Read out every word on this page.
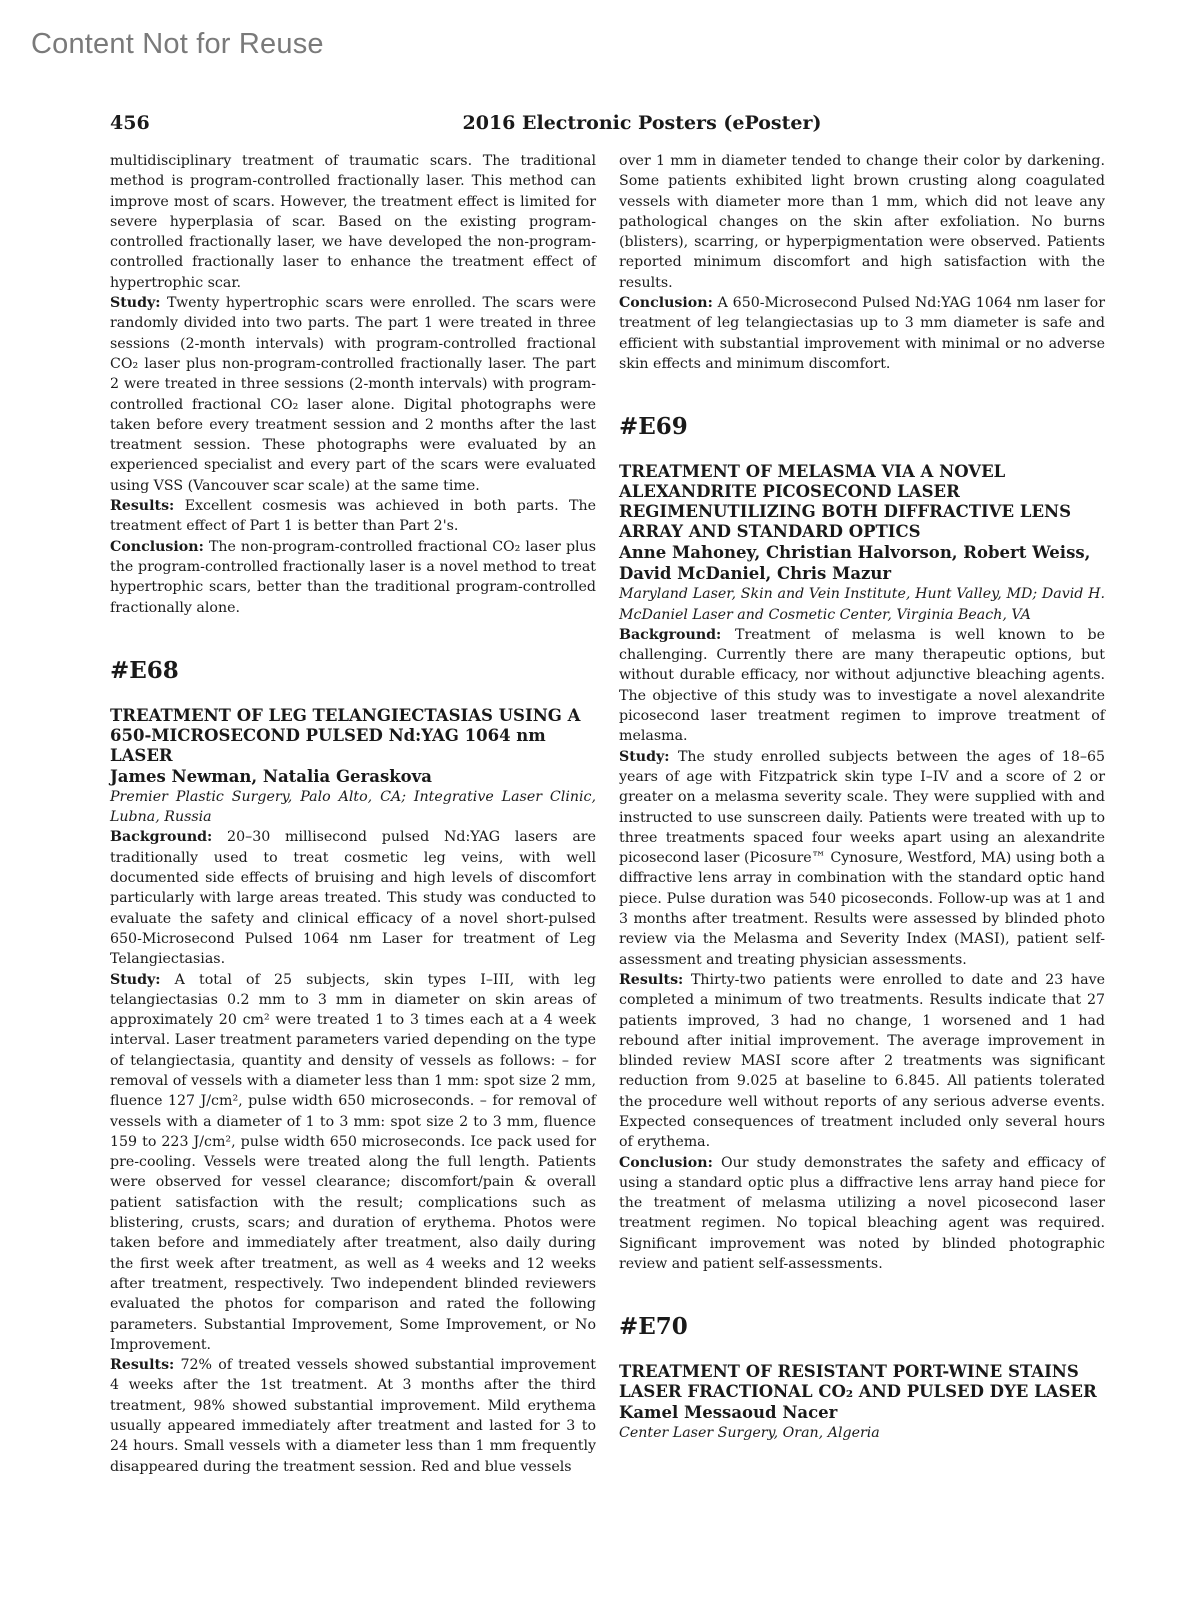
Content Not for Reuse
456	2016 Electronic Posters (ePoster)

multidisciplinary treatment of traumatic scars. The traditional method is program-controlled fractionally laser. This method can improve most of scars. However, the treatment effect is limited for severe hyperplasia of scar. Based on the existing program-controlled fractionally laser, we have developed the non-program-controlled fractionally laser to enhance the treatment effect of hypertrophic scar.

Study: Twenty hypertrophic scars were enrolled. The scars were randomly divided into two parts. The part 1 were treated in three sessions (2-month intervals) with program-controlled fractional CO₂ laser plus non-program-controlled fractionally laser. The part 2 were treated in three sessions (2-month intervals) with program-controlled fractional CO₂ laser alone. Digital photographs were taken before every treatment session and 2 months after the last treatment session. These photographs were evaluated by an experienced specialist and every part of the scars were evaluated using VSS (Vancouver scar scale) at the same time.

Results: Excellent cosmesis was achieved in both parts. The treatment effect of Part 1 is better than Part 2's.

Conclusion: The non-program-controlled fractional CO₂ laser plus the program-controlled fractionally laser is a novel method to treat hypertrophic scars, better than the traditional program-controlled fractionally alone.

#E68
TREATMENT OF LEG TELANGIECTASIAS USING A 650-MICROSECOND PULSED Nd:YAG 1064 nm LASER
James Newman, Natalia Geraskova

Premier Plastic Surgery, Palo Alto, CA; Integrative Laser Clinic, Lubna, Russia

Background: 20–30 millisecond pulsed Nd:YAG lasers are traditionally used to treat cosmetic leg veins, with well documented side effects of bruising and high levels of discomfort particularly with large areas treated. This study was conducted to evaluate the safety and clinical efficacy of a novel short-pulsed 650-Microsecond Pulsed 1064 nm Laser for treatment of Leg Telangiectasias.

Study: A total of 25 subjects, skin types I–III, with leg telangiectasias 0.2 mm to 3 mm in diameter on skin areas of approximately 20 cm² were treated 1 to 3 times each at a 4 week interval. Laser treatment parameters varied depending on the type of telangiectasia, quantity and density of vessels as follows: – for removal of vessels with a diameter less than 1 mm: spot size 2 mm, fluence 127 J/cm², pulse width 650 microseconds. – for removal of vessels with a diameter of 1 to 3 mm: spot size 2 to 3 mm, fluence 159 to 223 J/cm², pulse width 650 microseconds. Ice pack used for pre-cooling. Vessels were treated along the full length. Patients were observed for vessel clearance; discomfort/pain & overall patient satisfaction with the result; complications such as blistering, crusts, scars; and duration of erythema. Photos were taken before and immediately after treatment, also daily during the first week after treatment, as well as 4 weeks and 12 weeks after treatment, respectively. Two independent blinded reviewers evaluated the photos for comparison and rated the following parameters. Substantial Improvement, Some Improvement, or No Improvement.

Results: 72% of treated vessels showed substantial improvement 4 weeks after the 1st treatment. At 3 months after the third treatment, 98% showed substantial improvement. Mild erythema usually appeared immediately after treatment and lasted for 3 to 24 hours. Small vessels with a diameter less than 1 mm frequently disappeared during the treatment session. Red and blue vessels

over 1 mm in diameter tended to change their color by darkening. Some patients exhibited light brown crusting along coagulated vessels with diameter more than 1 mm, which did not leave any pathological changes on the skin after exfoliation. No burns (blisters), scarring, or hyperpigmentation were observed. Patients reported minimum discomfort and high satisfaction with the results.

Conclusion: A 650-Microsecond Pulsed Nd:YAG 1064 nm laser for treatment of leg telangiectasias up to 3 mm diameter is safe and efficient with substantial improvement with minimal or no adverse skin effects and minimum discomfort.

#E69
TREATMENT OF MELASMA VIA A NOVEL ALEXANDRITE PICOSECOND LASER REGIMENUTILIZING BOTH DIFFRACTIVE LENS ARRAY AND STANDARD OPTICS
Anne Mahoney, Christian Halvorson, Robert Weiss, David McDaniel, Chris Mazur

Maryland Laser, Skin and Vein Institute, Hunt Valley, MD; David H. McDaniel Laser and Cosmetic Center, Virginia Beach, VA

Background: Treatment of melasma is well known to be challenging. Currently there are many therapeutic options, but without durable efficacy, nor without adjunctive bleaching agents. The objective of this study was to investigate a novel alexandrite picosecond laser treatment regimen to improve treatment of melasma.

Study: The study enrolled subjects between the ages of 18–65 years of age with Fitzpatrick skin type I–IV and a score of 2 or greater on a melasma severity scale. They were supplied with and instructed to use sunscreen daily. Patients were treated with up to three treatments spaced four weeks apart using an alexandrite picosecond laser (Picosure™ Cynosure, Westford, MA) using both a diffractive lens array in combination with the standard optic hand piece. Pulse duration was 540 picoseconds. Follow-up was at 1 and 3 months after treatment. Results were assessed by blinded photo review via the Melasma and Severity Index (MASI), patient self-assessment and treating physician assessments.

Results: Thirty-two patients were enrolled to date and 23 have completed a minimum of two treatments. Results indicate that 27 patients improved, 3 had no change, 1 worsened and 1 had rebound after initial improvement. The average improvement in blinded review MASI score after 2 treatments was significant reduction from 9.025 at baseline to 6.845. All patients tolerated the procedure well without reports of any serious adverse events. Expected consequences of treatment included only several hours of erythema.

Conclusion: Our study demonstrates the safety and efficacy of using a standard optic plus a diffractive lens array hand piece for the treatment of melasma utilizing a novel picosecond laser treatment regimen. No topical bleaching agent was required. Significant improvement was noted by blinded photographic review and patient self-assessments.

#E70
TREATMENT OF RESISTANT PORT-WINE STAINS LASER FRACTIONAL CO₂ AND PULSED DYE LASER
Kamel Messaoud Nacer

Center Laser Surgery, Oran, Algeria
